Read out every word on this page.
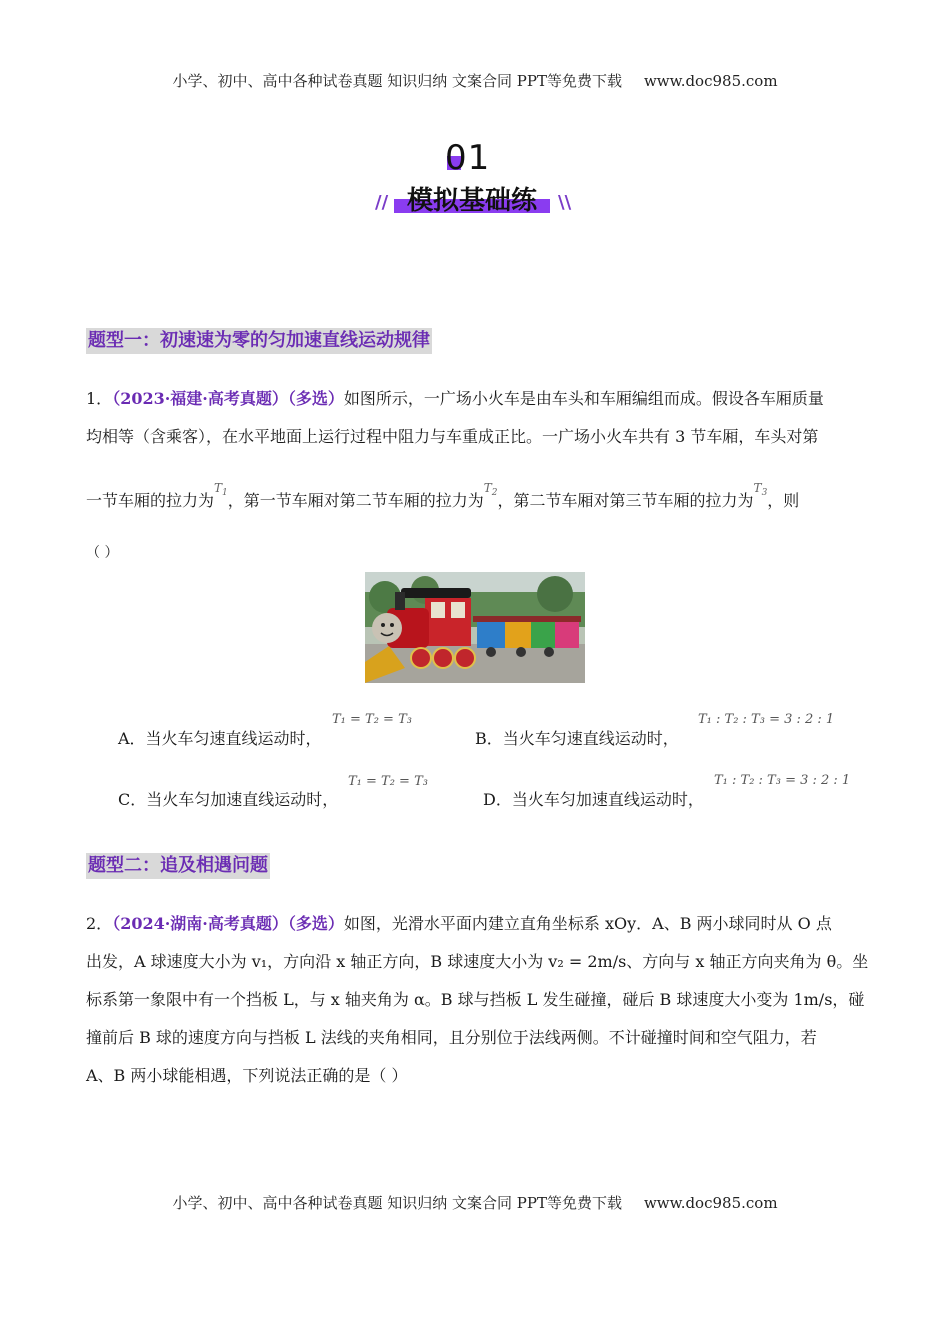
小学、初中、高中各种试卷真题 知识归纳 文案合同 PPT等免费下载 www.doc985.com
01
模拟基础练
//	\\
题型一：初速速为零的匀加速直线运动规律
1．（2023·福建·高考真题）（多选）如图所示，一广场小火车是由车头和车厢编组而成。假设各车厢质量
均相等（含乘客），在水平地面上运行过程中阻力与车重成正比。一广场小火车共有 3 节车厢，车头对第
一节车厢的拉力为$^{T_1}$，第一节车厢对第二节车厢的拉力为$^{T_2}$，第二节车厢对第三节车厢的拉力为$^{T_3}$，则
（ ）
A．当火车匀速直线运动时，
T₁ = T₂ = T₃
B．当火车匀速直线运动时，
T₁ : T₂ : T₃ = 3 : 2 : 1
C．当火车匀加速直线运动时，
T₁ = T₂ = T₃
D．当火车匀加速直线运动时，
T₁ : T₂ : T₃ = 3 : 2 : 1
题型二：追及相遇问题
2．（2024·湖南·高考真题）（多选）如图，光滑水平面内建立直角坐标系 xOy．A、B 两小球同时从 O 点
出发，A 球速度大小为 v₁，方向沿 x 轴正方向，B 球速度大小为 v₂ = 2m/s、方向与 x 轴正方向夹角为 θ。坐
标系第一象限中有一个挡板 L，与 x 轴夹角为 α。B 球与挡板 L 发生碰撞，碰后 B 球速度大小变为 1m/s，碰
撞前后 B 球的速度方向与挡板 L 法线的夹角相同，且分别位于法线两侧。不计碰撞时间和空气阻力，若
A、B 两小球能相遇，下列说法正确的是（ ）
小学、初中、高中各种试卷真题 知识归纳 文案合同 PPT等免费下载 www.doc985.com
